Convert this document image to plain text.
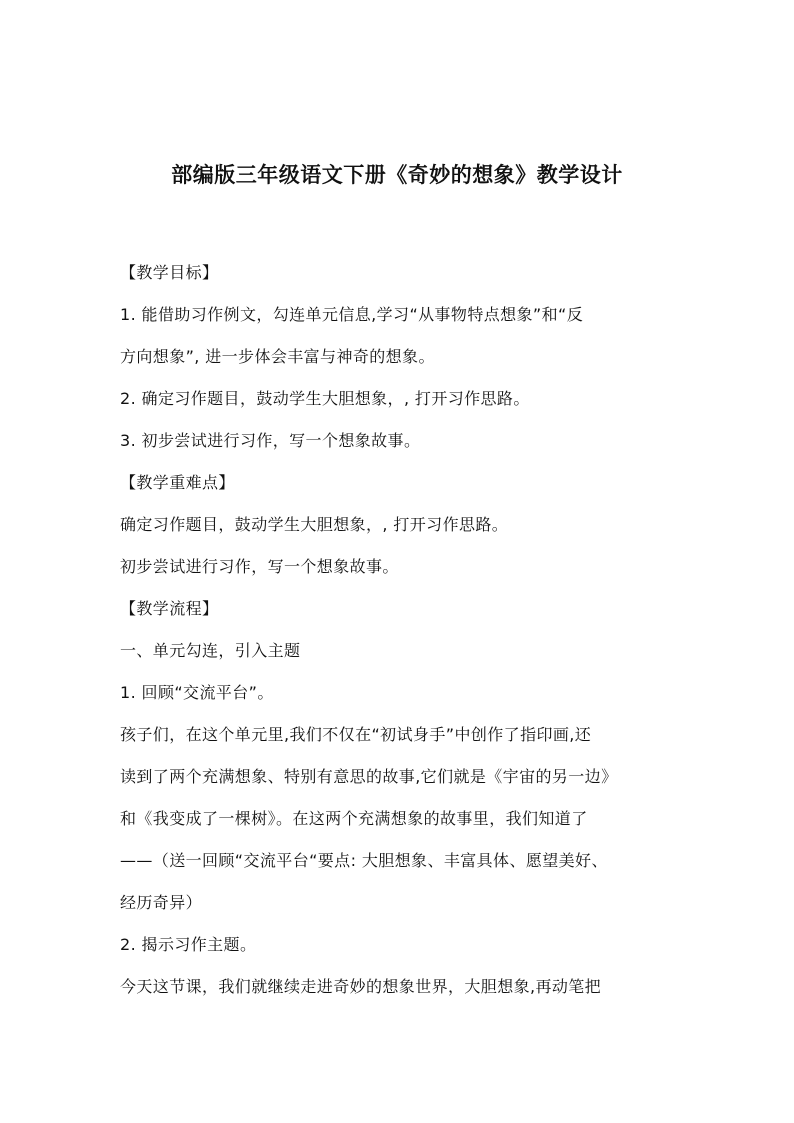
部编版三年级语文下册《奇妙的想象》教学设计
【教学目标】
1. 能借助习作例文，勾连单元信息,学习“从事物特点想象”和“反
方向想象”, 进一步体会丰富与神奇的想象。
2. 确定习作题目，鼓动学生大胆想象，, 打开习作思路。
3. 初步尝试进行习作，写一个想象故事。
【教学重难点】
确定习作题目，鼓动学生大胆想象，, 打开习作思路。
初步尝试进行习作，写一个想象故事。
【教学流程】
一、单元勾连，引入主题
1. 回顾“交流平台”。
孩子们，在这个单元里,我们不仅在“初试身手”中创作了指印画,还
读到了两个充满想象、特别有意思的故事,它们就是《宇宙的另一边》
和《我变成了一棵树》。在这两个充满想象的故事里，我们知道了
——（送一回顾“交流平台“要点: 大胆想象、丰富具体、愿望美好、
经历奇异）
2. 揭示习作主题。
今天这节课，我们就继续走进奇妙的想象世界，大胆想象,再动笔把
